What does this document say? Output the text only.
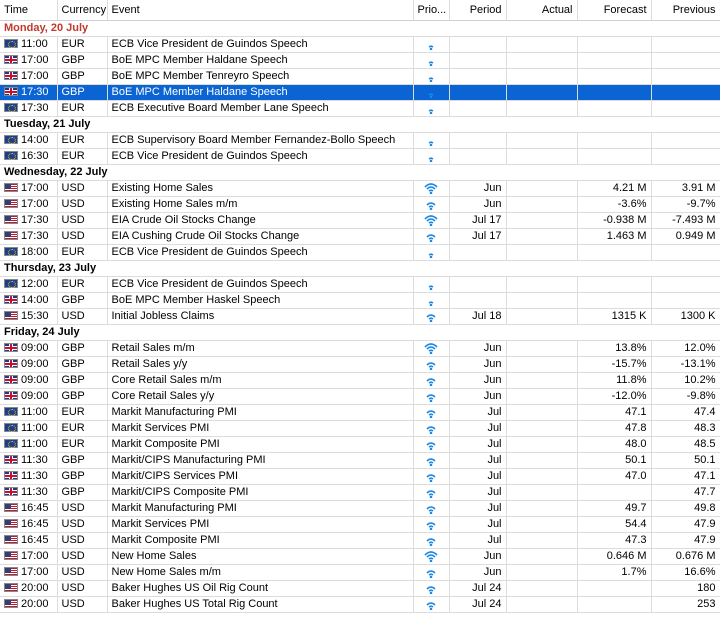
Time	Currency	Event	Prio...	Period	Actual	Forecast	Previous
Monday, 20 July							
11:00	EUR	ECB Vice President de Guindos Speech					
17:00	GBP	BoE MPC Member Haldane Speech					
17:00	GBP	BoE MPC Member Tenreyro Speech					
17:30	GBP	BoE MPC Member Haldane Speech					
17:30	EUR	ECB Executive Board Member Lane Speech					
Tuesday, 21 July							
14:00	EUR	ECB Supervisory Board Member Fernandez-Bollo Speech					
16:30	EUR	ECB Vice President de Guindos Speech					
Wednesday, 22 July							
17:00	USD	Existing Home Sales		Jun		4.21 M	3.91 M
17:00	USD	Existing Home Sales m/m		Jun		-3.6%	-9.7%
17:30	USD	EIA Crude Oil Stocks Change		Jul 17		-0.938 M	-7.493 M
17:30	USD	EIA Cushing Crude Oil Stocks Change		Jul 17		1.463 M	0.949 M
18:00	EUR	ECB Vice President de Guindos Speech					
Thursday, 23 July							
12:00	EUR	ECB Vice President de Guindos Speech					
14:00	GBP	BoE MPC Member Haskel Speech					
15:30	USD	Initial Jobless Claims		Jul 18		1315 K	1300 K
Friday, 24 July							
09:00	GBP	Retail Sales m/m		Jun		13.8%	12.0%
09:00	GBP	Retail Sales y/y		Jun		-15.7%	-13.1%
09:00	GBP	Core Retail Sales m/m		Jun		11.8%	10.2%
09:00	GBP	Core Retail Sales y/y		Jun		-12.0%	-9.8%
11:00	EUR	Markit Manufacturing PMI		Jul		47.1	47.4
11:00	EUR	Markit Services PMI		Jul		47.8	48.3
11:00	EUR	Markit Composite PMI		Jul		48.0	48.5
11:30	GBP	Markit/CIPS Manufacturing PMI		Jul		50.1	50.1
11:30	GBP	Markit/CIPS Services PMI		Jul		47.0	47.1
11:30	GBP	Markit/CIPS Composite PMI		Jul			47.7
16:45	USD	Markit Manufacturing PMI		Jul		49.7	49.8
16:45	USD	Markit Services PMI		Jul		54.4	47.9
16:45	USD	Markit Composite PMI		Jul		47.3	47.9
17:00	USD	New Home Sales		Jun		0.646 M	0.676 M
17:00	USD	New Home Sales m/m		Jun		1.7%	16.6%
20:00	USD	Baker Hughes US Oil Rig Count		Jul 24			180
20:00	USD	Baker Hughes US Total Rig Count		Jul 24			253
